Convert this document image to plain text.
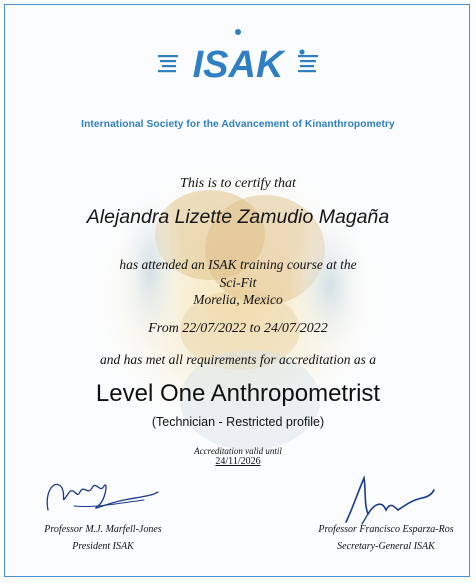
ISAK
International Society for the Advancement of Kinanthropometry
This is to certify that
Alejandra Lizette Zamudio Magaña
has attended an ISAK training course at the
Sci-Fit
Morelia, Mexico
From 22/07/2022 to 24/07/2022
and has met all requirements for accreditation as a
Level One Anthropometrist
(Technician - Restricted profile)
Accreditation valid until
24/11/2026
Professor M.J. Marfell-Jones
President ISAK
Professor Francisco Esparza-Ros
Secretary-General ISAK
